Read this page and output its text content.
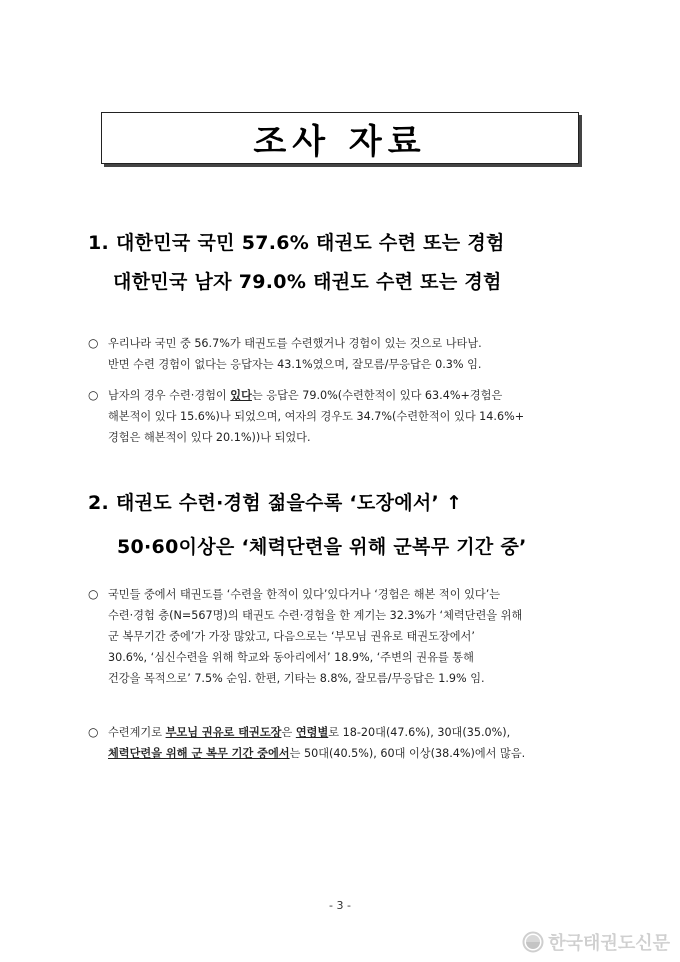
조사 자료
1. 대한민국 국민 57.6% 태권도 수련 또는 경험
대한민국 남자 79.0% 태권도 수련 또는 경험
○ 우리나라 국민 중 56.7%가 태권도를 수련했거나 경험이 있는 것으로 나타남.
반면 수련 경험이 없다는 응답자는 43.1%였으며, 잘모름/무응답은 0.3% 임.
○ 남자의 경우 수련·경험이 있다는 응답은 79.0%(수련한적이 있다 63.4%+경험은
해본적이 있다 15.6%)나 되었으며, 여자의 경우도 34.7%(수련한적이 있다 14.6%+
경험은 해본적이 있다 20.1%))나 되었다.
2. 태권도 수련·경험 젊을수록 ‘도장에서’ ↑
50·60이상은 ‘체력단련을 위해 군복무 기간 중’
○ 국민들 중에서 태권도를 ‘수련을 한적이 있다’있다거나 ‘경험은 해본 적이 있다’는
수련·경험 층(N=567명)의 태권도 수련·경험을 한 계기는 32.3%가 ‘체력단련을 위해
군 복무기간 중에’가 가장 많았고, 다음으로는 ‘부모님 권유로 태권도장에서’
30.6%, ‘심신수련을 위해 학교와 동아리에서’ 18.9%, ‘주변의 권유를 통해
건강을 목적으로’ 7.5% 순임. 한편, 기타는 8.8%, 잘모름/무응답은 1.9% 임.
○ 수련계기로 부모님 권유로 태권도장은 연령별로 18-20대(47.6%), 30대(35.0%),
체력단련을 위해 군 복무 기간 중에서는 50대(40.5%), 60대 이상(38.4%)에서 많음.
- 3 -
한국태권도신문
